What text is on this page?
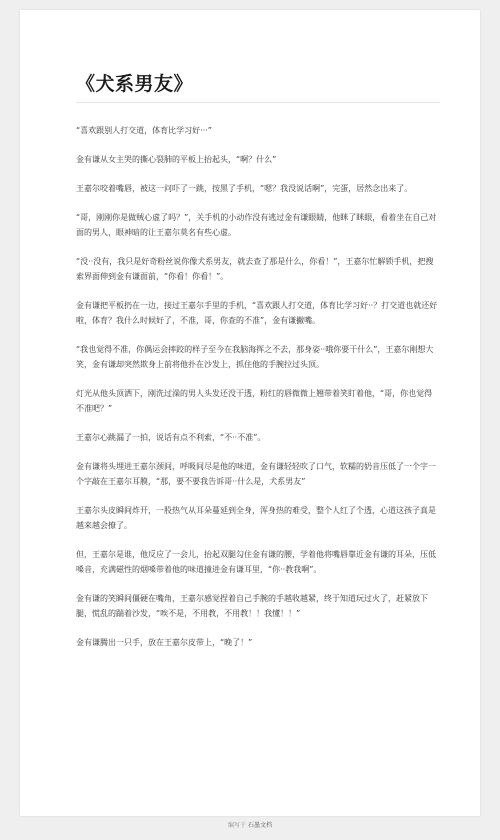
《犬系男友》

“喜欢跟别人打交道，体育比学习好···”

金有谦从女主哭的撕心裂肺的平板上抬起头，“啊？什么”

王嘉尔咬着嘴唇，被这一问吓了一跳，按黑了手机，“嗯？我没说话啊”，完蛋，居然念出来了。

“哥，刚刚你是做贼心虚了吗？”，关手机的小动作没有逃过金有谦眼睛，他眯了眯眼，看着坐在自己对面的男人，眼神暗的让王嘉尔莫名有些心虚。

“没··没有，我只是好奇粉丝说你像犬系男友，就去查了那是什么，你看！”，王嘉尔忙解锁手机，把搜索界面伸到金有谦面前，“你看！你看！”。

金有谦把平板扔在一边，接过王嘉尔手里的手机，“喜欢跟人打交道，体育比学习好··？打交道也就还好啦，体育？我什么时候好了，不准，哥，你查的不准”，金有谦撇嘴。

“我也觉得不准，你偶运会摔跤的样子至今在我脑海挥之不去，那身姿··哦你要干什么”，王嘉尔刚想大笑，金有谦却突然欺身上前将他扑在沙发上，抓住他的手腕拉过头顶。

灯光从他头顶洒下，刚洗过澡的男人头发还没干透，粉红的唇微微上翘带着笑盯着他，“哥，你也觉得不准吧？”

王嘉尔心跳漏了一拍，说话有点不利索，“不··不准”。

金有谦将头埋进王嘉尔颈间，呼吸间尽是他的味道，金有谦轻轻吹了口气，软糯的奶音压低了一个字一个字敲在王嘉尔耳膜，“那，要不要我告诉哥··什么是，犬系男友”

王嘉尔头皮瞬间炸开，一股热气从耳朵蔓延到全身，浑身热的难受，整个人红了个透，心道这孩子真是越来越会撩了。

但，王嘉尔是谁，他反应了一会儿，抬起双腿勾住金有谦的腰，学着他将嘴唇靠近金有谦的耳朵，压低嗓音，充满磁性的烟嗓带着他的味道撞进金有谦耳里，“你··教我啊”。

金有谦的笑瞬间僵硬在嘴角，王嘉尔感觉捏着自己手腕的手越收越紧，终于知道玩过火了，赶紧放下腿，慌乱的踹着沙发，“唉不是，不用教，不用教！！我懂！！”

金有谦腾出一只手，放在王嘉尔皮带上，“晚了！”

编写于 石墨文档
